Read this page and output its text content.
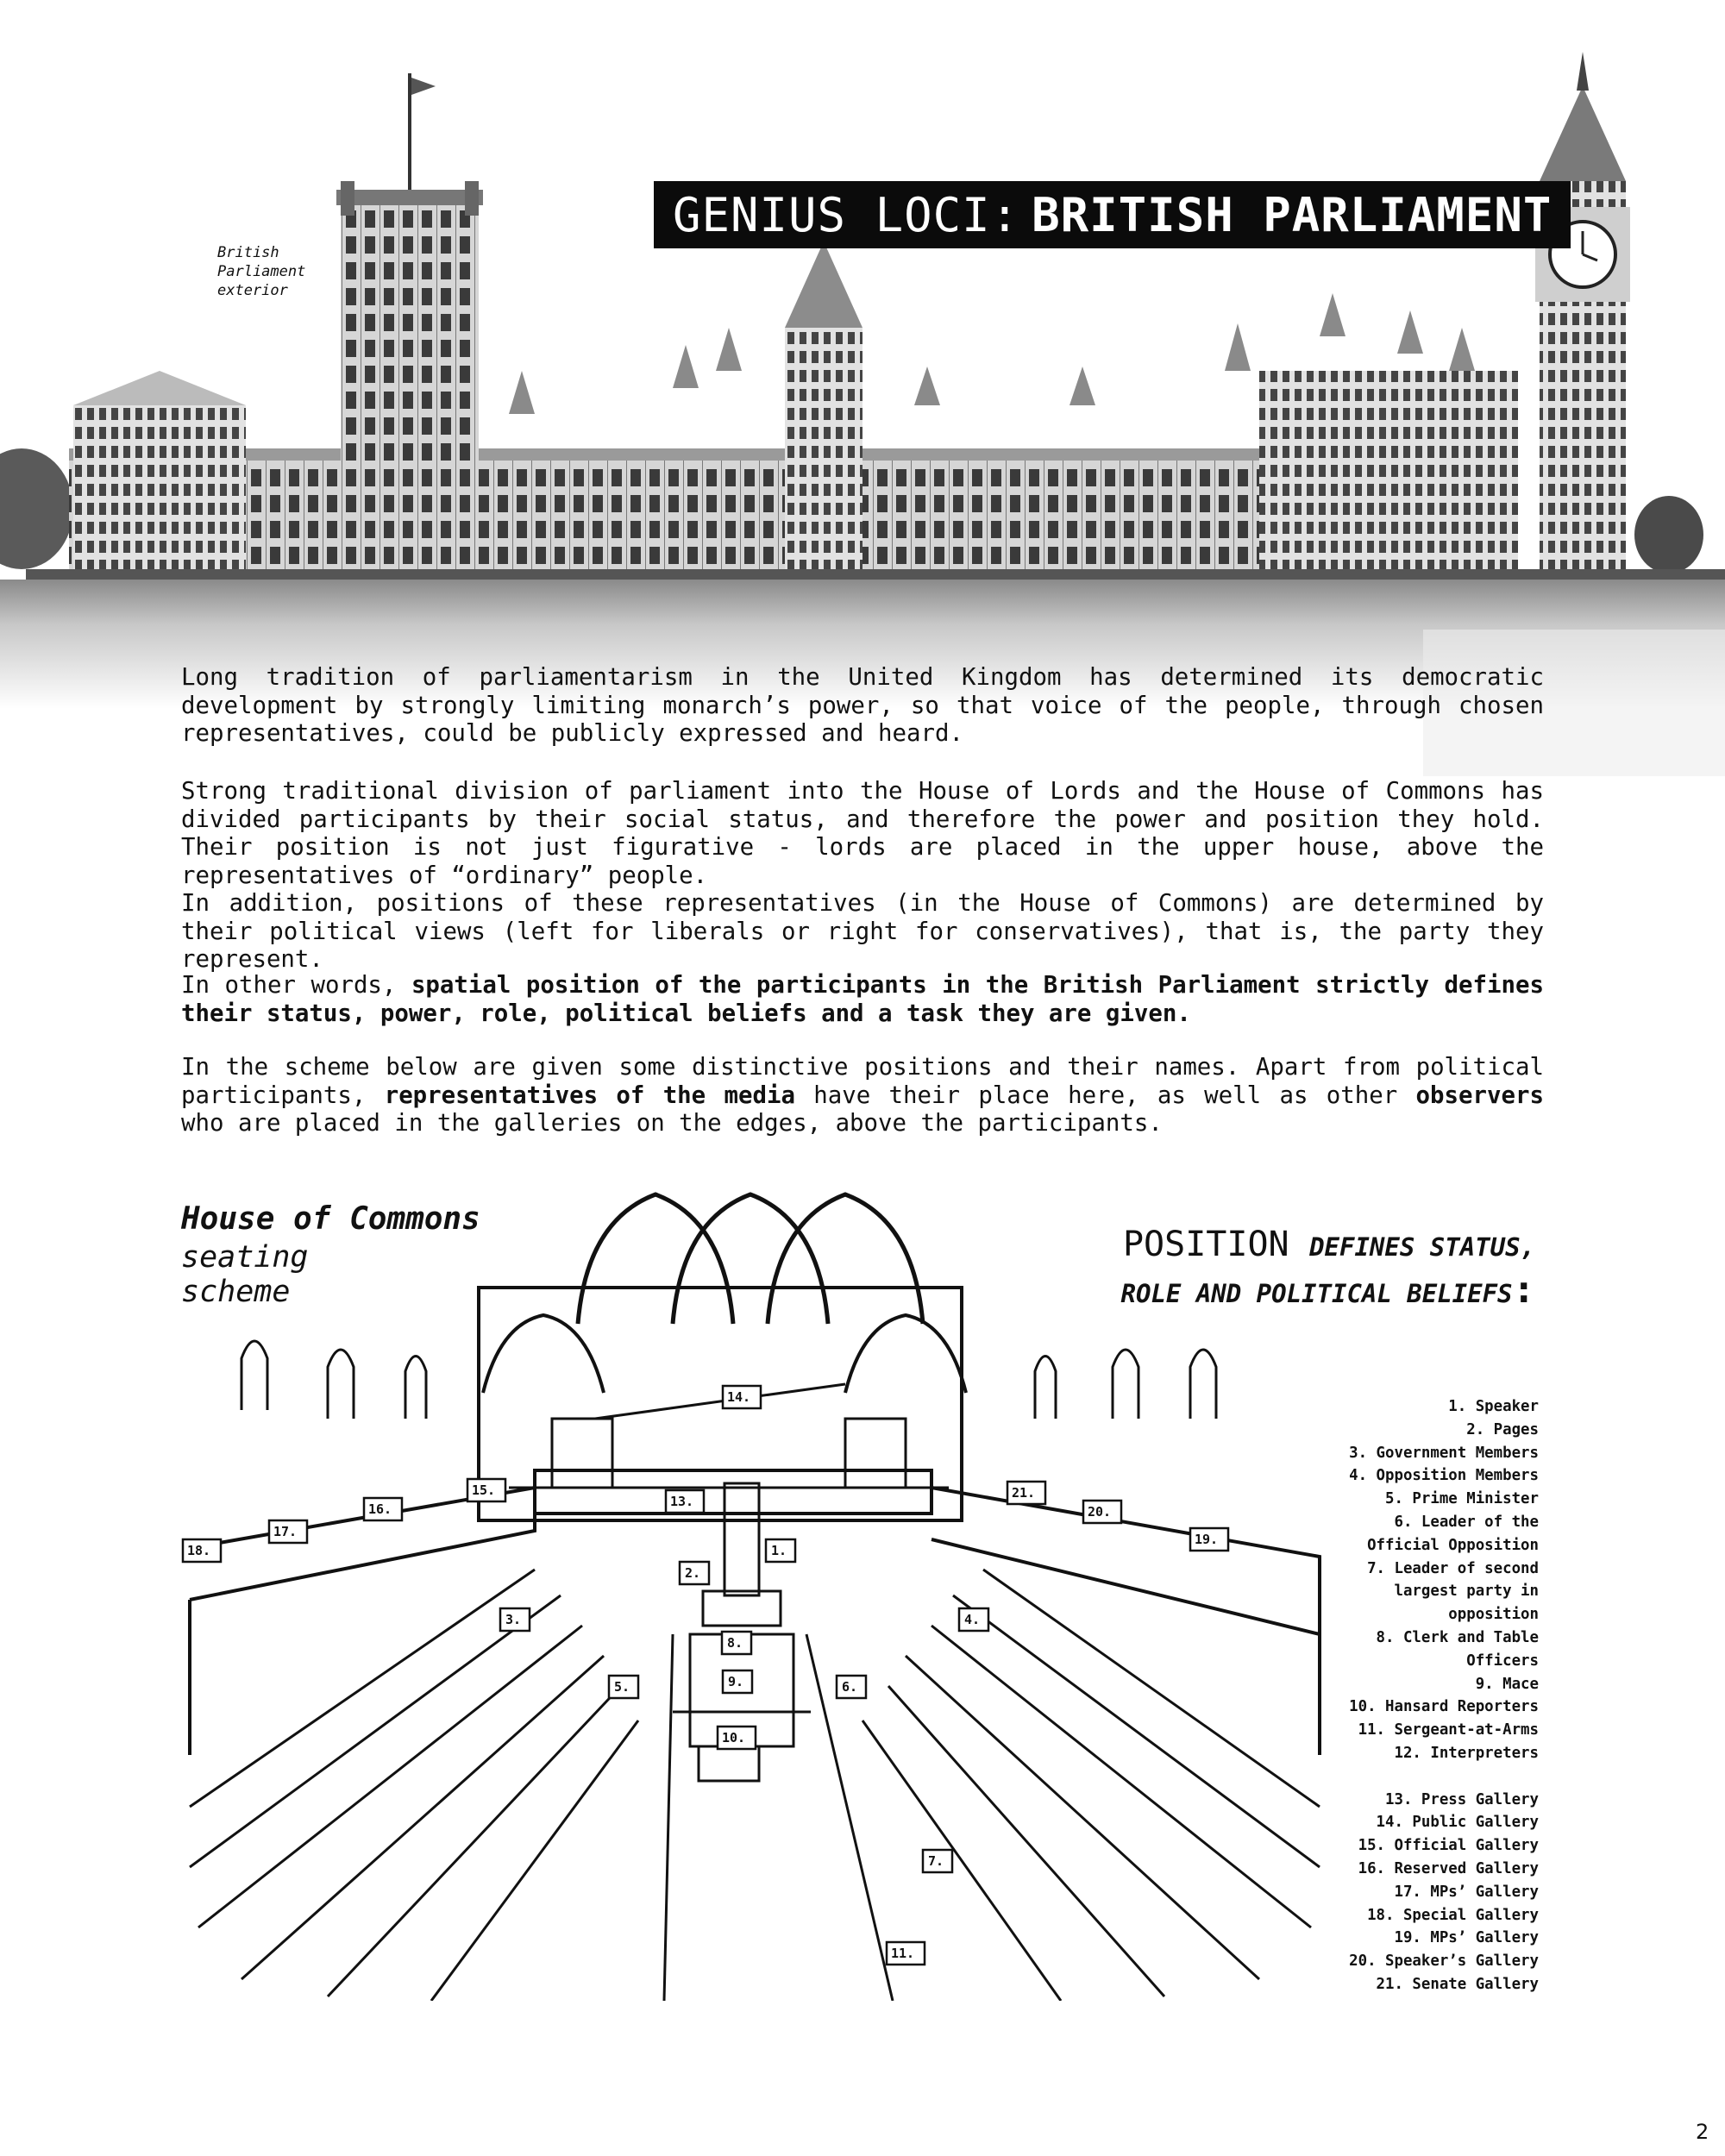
GENIUS LOCI: BRITISH PARLIAMENT
British
Parliament
exterior

Long tradition of parliamentarism in the United Kingdom has determined its democratic development by strongly limiting monarch’s power, so that voice of the people, through chosen representatives, could be publicly expressed and heard.

Strong traditional division of parliament into the House of Lords and the House of Commons has divided participants by their social status, and therefore the power and position they hold. Their position is not just figurative - lords are placed in the upper house, above the representatives of “ordinary” people.

In addition, positions of these representatives (in the House of Commons) are determined by their political views (left for liberals or right for conservatives), that is, the party they represent.

In other words, spatial position of the participants in the British Parliament strictly defines their status, power, role, political beliefs and a task they are given.

In the scheme below are given some distinctive positions and their names. Apart from political participants, representatives of the media have their place here, as well as other observers who are placed in the galleries on the edges, above the participants.

House of Commons
seating
scheme
POSITION DEFINES STATUS,
ROLE AND POLITICAL BELIEFS:
1.
2.
3.	4.
5.	6.
7.
8.
9.
10.
11.
13.
14.
15.
16.
17.
18.
19.
20.
21.
1. Speaker
2. Pages
3. Government Members
4. Opposition Members
5. Prime Minister
6. Leader of the
Official Opposition
7. Leader of second
largest party in
opposition
8. Clerk and Table
Officers
9. Mace
10. Hansard Reporters
11. Sergeant-at-Arms
12. Interpreters
13. Press Gallery
14. Public Gallery
15. Official Gallery
16. Reserved Gallery
17. MPs’ Gallery
18. Special Gallery
19. MPs’ Gallery
20. Speaker’s Gallery
21. Senate Gallery
2
